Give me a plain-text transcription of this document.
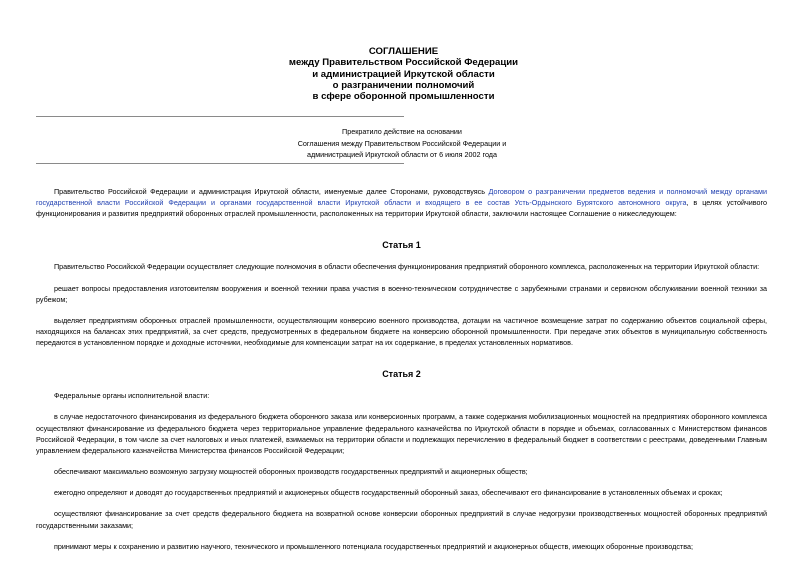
СОГЛАШЕНИЕ
между Правительством Российской Федерации
и администрацией Иркутской области
о разграничении полномочий
в сфере оборонной промышленности
Прекратило действие на основании
Соглашения между Правительством Российской Федерации и
администрацией Иркутской области от 6 июля 2002 года

Правительство Российской Федерации и администрация Иркутской области, именуемые далее Сторонами, руководствуясь Договором о разграничении предметов ведения и полномочий между органами государственной власти Российской Федерации и органами государственной власти Иркутской области и входящего в ее состав Усть-Ордынского Бурятского автономного округа, в целях устойчивого функционирования и развития предприятий оборонных отраслей промышленности, расположенных на территории Иркутской области, заключили настоящее Соглашение о нижеследующем:

Статья 1

Правительство Российской Федерации осуществляет следующие полномочия в области обеспечения функционирования предприятий оборонного комплекса, расположенных на территории Иркутской области:

решает вопросы предоставления изготовителям вооружения и военной техники права участия в военно-техническом сотрудничестве с зарубежными странами и сервисном обслуживании военной техники за рубежом;

выделяет предприятиям оборонных отраслей промышленности, осуществляющим конверсию военного производства, дотации на частичное возмещение затрат по содержанию объектов социальной сферы, находящихся на балансах этих предприятий, за счет средств, предусмотренных в федеральном бюджете на конверсию оборонной промышленности. При передаче этих объектов в муниципальную собственность передаются в установленном порядке и доходные источники, необходимые для компенсации затрат на их содержание, в пределах установленных нормативов.

Статья 2

Федеральные органы исполнительной власти:

в случае недостаточного финансирования из федерального бюджета оборонного заказа или конверсионных программ, а также содержания мобилизационных мощностей на предприятиях оборонного комплекса осуществляют финансирование из федерального бюджета через территориальное управление федерального казначейства по Иркутской области в порядке и объемах, согласованных с Министерством финансов Российской Федерации, в том числе за счет налоговых и иных платежей, взимаемых на территории области и подлежащих перечислению в федеральный бюджет в соответствии с реестрами, доведенными Главным управлением федерального казначейства Министерства финансов Российской Федерации;

обеспечивают максимально возможную загрузку мощностей оборонных производств государственных предприятий и акционерных обществ;

ежегодно определяют и доводят до государственных предприятий и акционерных обществ государственный оборонный заказ, обеспечивают его финансирование в установленных объемах и сроках;

осуществляют финансирование за счет средств федерального бюджета на возвратной основе конверсии оборонных предприятий в случае недогрузки производственных мощностей оборонных предприятий государственными заказами;

принимают меры к сохранению и развитию научного, технического и промышленного потенциала государственных предприятий и акционерных обществ, имеющих оборонные производства;
